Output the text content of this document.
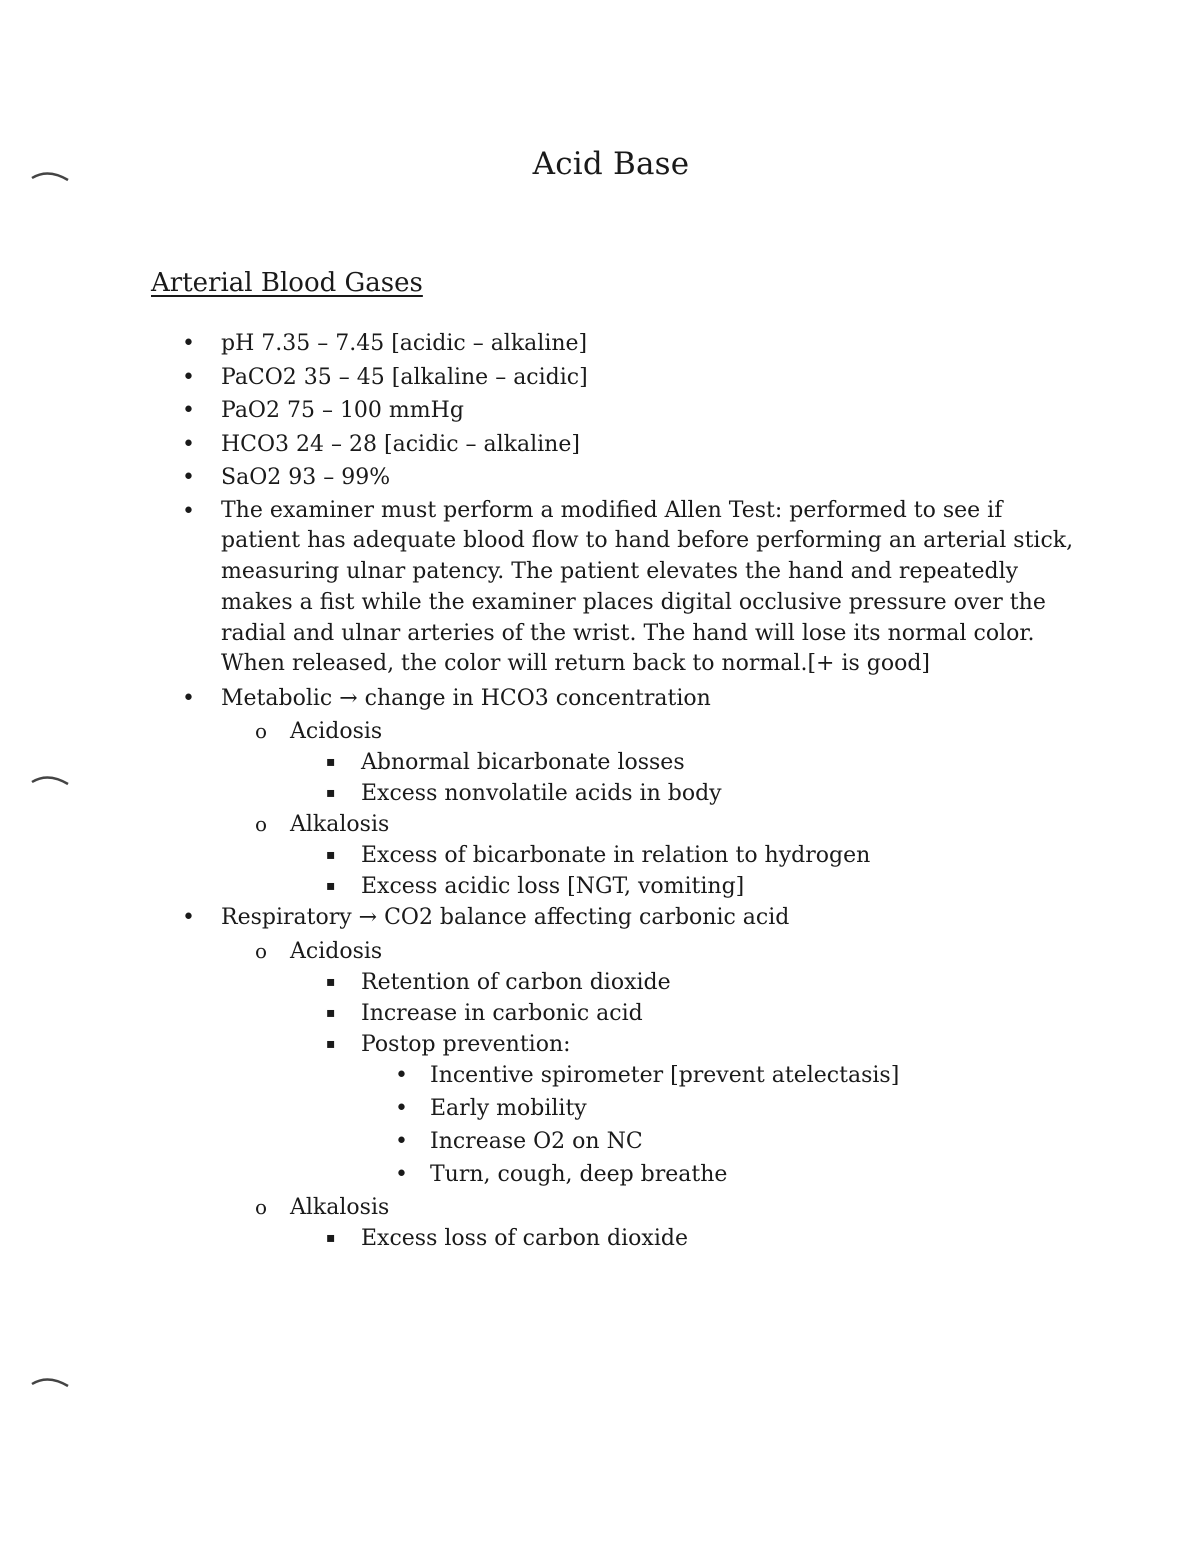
Acid Base
Arterial Blood Gases
• pH 7.35 – 7.45 [acidic – alkaline]
• PaCO2 35 – 45 [alkaline – acidic]
• PaO2 75 – 100 mmHg
• HCO3 24 – 28 [acidic – alkaline]
• SaO2 93 – 99%
• The examiner must perform a modified Allen Test: performed to see if patient has adequate blood flow to hand before performing an arterial stick, measuring ulnar patency. The patient elevates the hand and repeatedly makes a fist while the examiner places digital occlusive pressure over the radial and ulnar arteries of the wrist. The hand will lose its normal color. When released, the color will return back to normal.[+ is good]
• Metabolic → change in HCO3 concentration
o Acidosis
▪ Abnormal bicarbonate losses
▪ Excess nonvolatile acids in body
o Alkalosis
▪ Excess of bicarbonate in relation to hydrogen
▪ Excess acidic loss [NGT, vomiting]
• Respiratory → CO2 balance affecting carbonic acid
o Acidosis
▪ Retention of carbon dioxide
▪ Increase in carbonic acid
▪ Postop prevention:
• Incentive spirometer [prevent atelectasis]
• Early mobility
• Increase O2 on NC
• Turn, cough, deep breathe
o Alkalosis
▪ Excess loss of carbon dioxide
